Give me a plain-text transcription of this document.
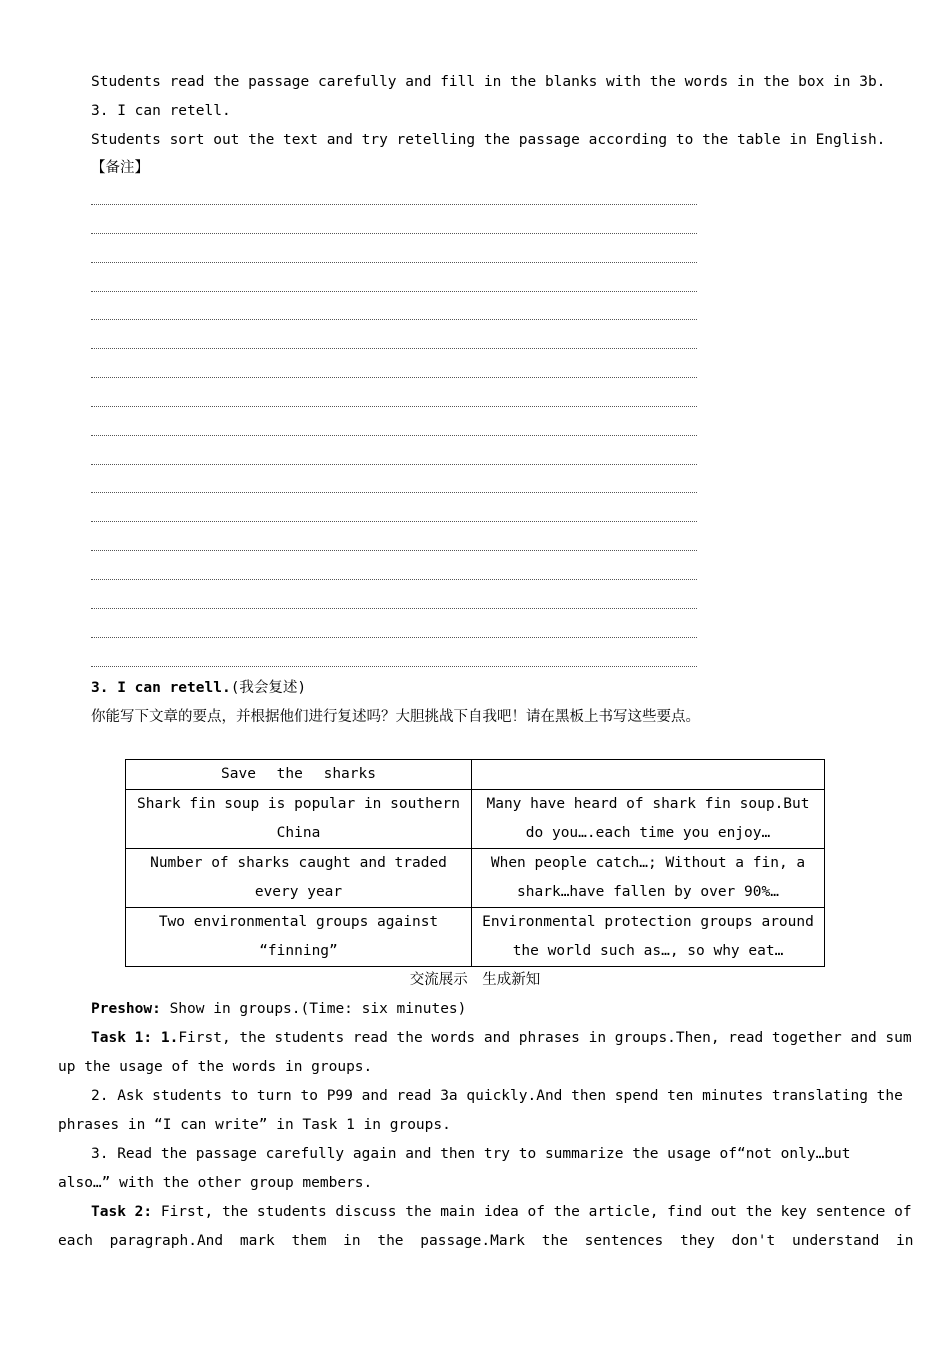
Students read the passage carefully and fill in the blanks with the words in the box in 3b.
3. I can retell.
Students sort out the text and try retelling the passage according to the table in English.
【备注】
3. I can retell.(我会复述)
你能写下文章的要点，并根据他们进行复述吗？大胆挑战下自我吧！请在黑板上书写这些要点。
Save the sharks	
Shark fin soup is popular in southern China	Many have heard of shark fin soup.But do you….each time you enjoy…
Number of sharks caught and traded every year	When people catch…; Without a fin, a shark…have fallen by over 90%…
Two environmental groups against “finning”	Environmental protection groups around the world such as…, so why eat…
交流展示　生成新知
Preshow: Show in groups.(Time: six minutes)
Task 1: 1. First, the students read the words and phrases in groups.Then, read together and sum
up the usage of the words in groups.
2. Ask students to turn to P99 and read 3a quickly.And then spend ten minutes translating the
phrases in “I can write” in Task 1 in groups.
3. Read the passage carefully again and then try to summarize the usage of“not only…but
also…” with the other group members.
Task 2: First, the students discuss the main idea of the article, find out the key sentence of
each paragraph.And mark them in the passage.Mark the sentences they don't understand in
